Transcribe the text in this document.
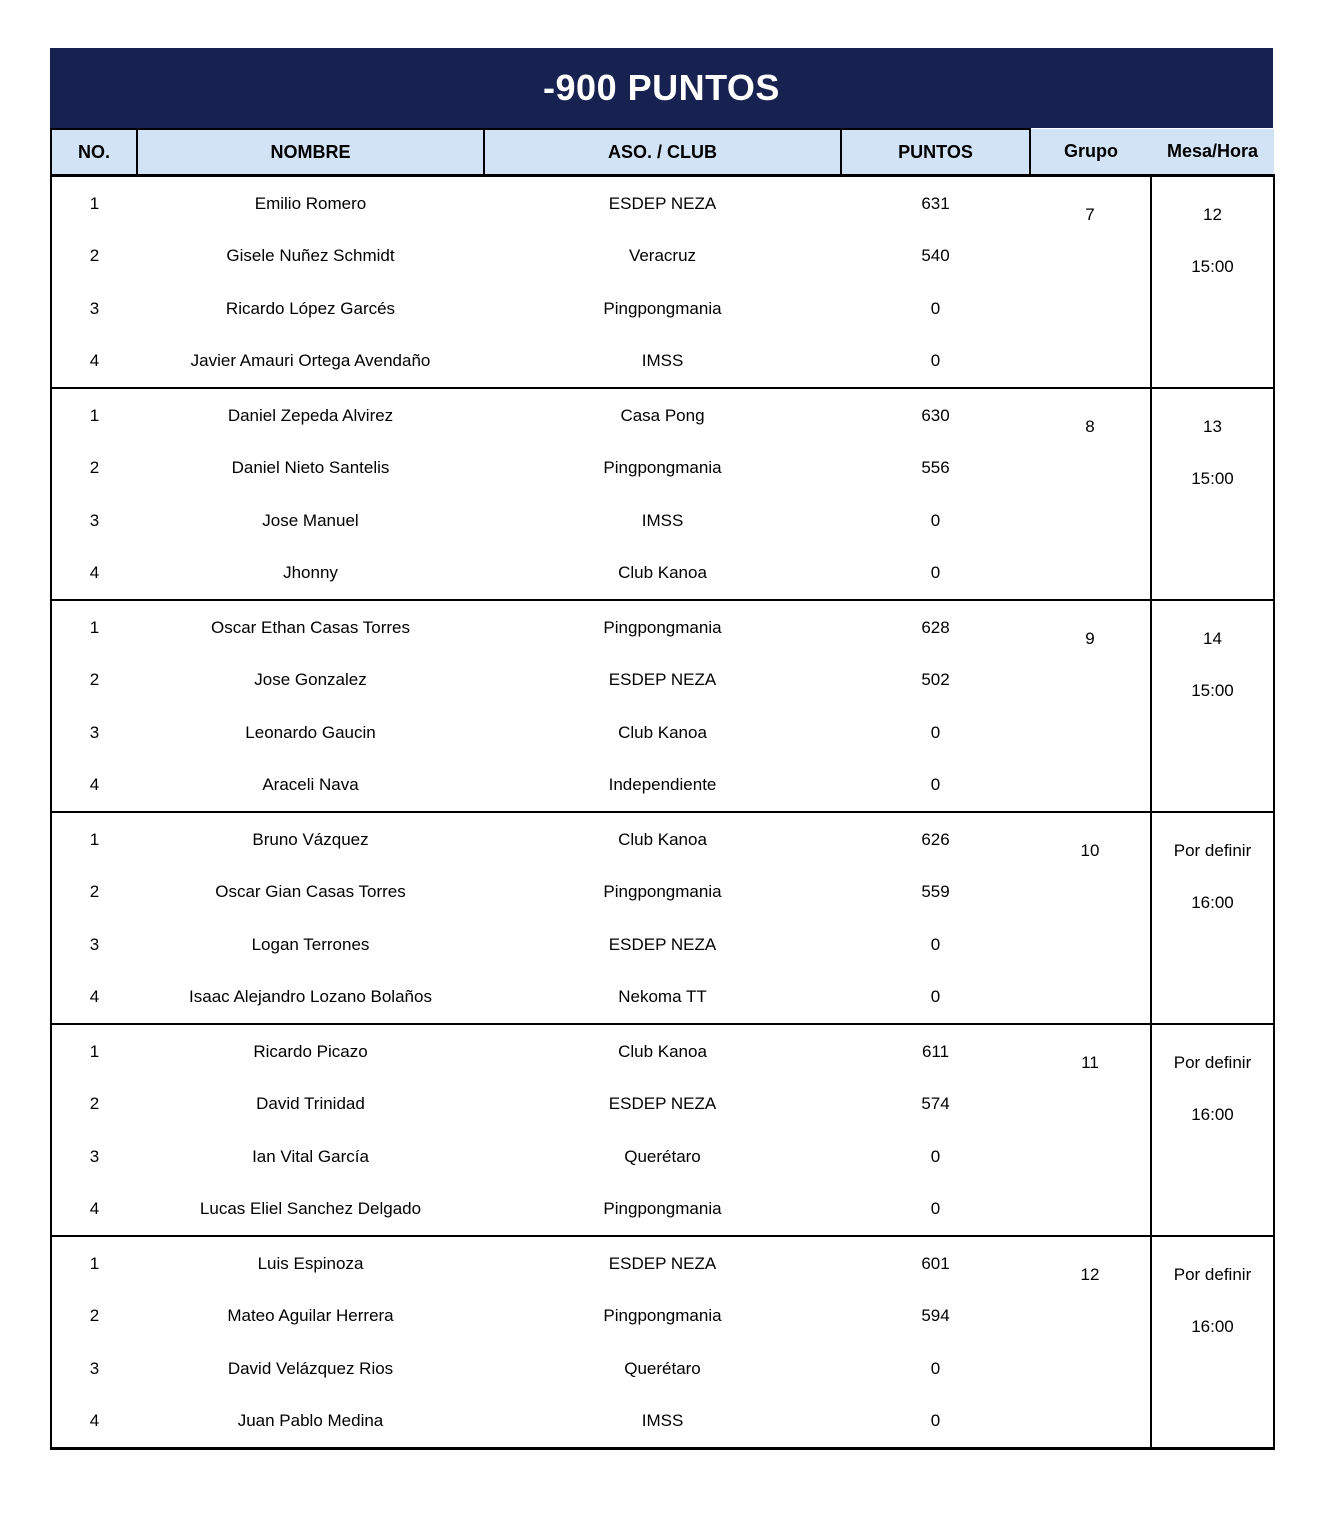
-900 PUNTOS
NO.	NOMBRE	ASO. / CLUB	PUNTOS	Grupo	Mesa/Hora
1	Emilio Romero	ESDEP NEZA	631	7	12
15:00

2	Gisele Nuñez Schmidt	Veracruz	540		
3	Ricardo López Garcés	Pingpongmania	0		
4	Javier Amauri Ortega Avendaño	IMSS	0		
1	Daniel Zepeda Alvirez	Casa Pong	630	8	13
15:00

2	Daniel Nieto Santelis	Pingpongmania	556		
3	Jose Manuel	IMSS	0		
4	Jhonny	Club Kanoa	0		
1	Oscar Ethan Casas Torres	Pingpongmania	628	9	14
15:00

2	Jose Gonzalez	ESDEP NEZA	502		
3	Leonardo Gaucin	Club Kanoa	0		
4	Araceli Nava	Independiente	0		
1	Bruno Vázquez	Club Kanoa	626	10	Por definir
16:00

2	Oscar Gian Casas Torres	Pingpongmania	559		
3	Logan Terrones	ESDEP NEZA	0		
4	Isaac Alejandro Lozano Bolaños	Nekoma TT	0		
1	Ricardo Picazo	Club Kanoa	611	11	Por definir
16:00

2	David Trinidad	ESDEP NEZA	574		
3	Ian Vital García	Querétaro	0		
4	Lucas Eliel Sanchez Delgado	Pingpongmania	0		
1	Luis Espinoza	ESDEP NEZA	601	12	Por definir
16:00

2	Mateo Aguilar Herrera	Pingpongmania	594		
3	David Velázquez Rios	Querétaro	0		
4	Juan Pablo Medina	IMSS	0		
